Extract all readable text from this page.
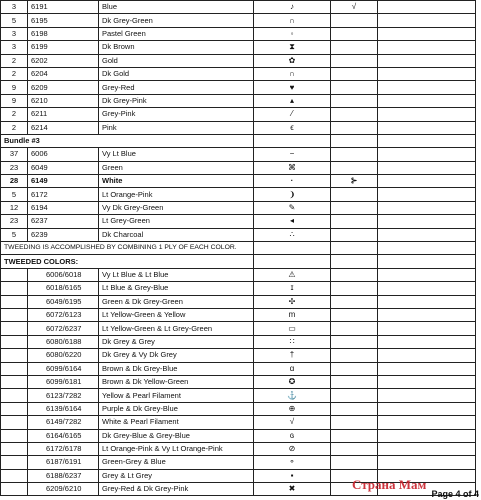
3	6191	Blue	♪	√	
5	6195	Dk Grey-Green	∩		
3	6198	Pastel Green	◦		
3	6199	Dk Brown	⧗		
2	6202	Gold	✿		
2	6204	Dk Gold	∩		
9	6209	Grey-Red	♥		
9	6210	Dk Grey-Pink	▴		
2	6211	Grey-Pink	⁄		
2	6214	Pink	ϵ		
Bundle #3					
37	6006	Vy Lt Blue	−		
23	6049	Green	⌘		
28	6149	White	·	⊱	
5	6172	Lt Orange-Pink	❩		
12	6194	Vy Dk Grey-Green	✎		
23	6237	Lt Grey-Green	◂		
5	6239	Dk Charcoal	∴		
TWEEDING IS ACCOMPLISHED BY COMBINING 1 PLY OF EACH COLOR.					
TWEEDED COLORS:					
	6006/6018	Vy Lt Blue & Lt Blue	⚠		
	6018/6165	Lt Blue & Grey-Blue	ɪ		
	6049/6195	Green & Dk Grey-Green	✣		
	6072/6123	Lt Yellow-Green & Yellow	m		
	6072/6237	Lt Yellow-Green & Lt Grey-Green	▭		
	6080/6188	Dk Grey & Grey	∷		
	6080/6220	Dk Grey & Vy Dk Grey	†		
	6099/6164	Brown & Dk Grey-Blue	ɑ		
	6099/6181	Brown & Dk Yellow-Green	✪		
	6123/7282	Yellow & Pearl Filament	⚓		
	6139/6164	Purple & Dk Grey-Blue	⊕		
	6149/7282	White & Pearl Filament	√		
	6164/6165	Dk Grey-Blue & Grey-Blue	ɢ		
	6172/6178	Lt Orange-Pink & Vy Lt Orange-Pink	⊘		
	6187/6191	Green-Grey & Blue	⚬		
	6188/6237	Grey & Lt Grey	▪		
	6209/6210	Grey-Red & Dk Grey-Pink	✖			Страна Мам
Page 4 of 4
